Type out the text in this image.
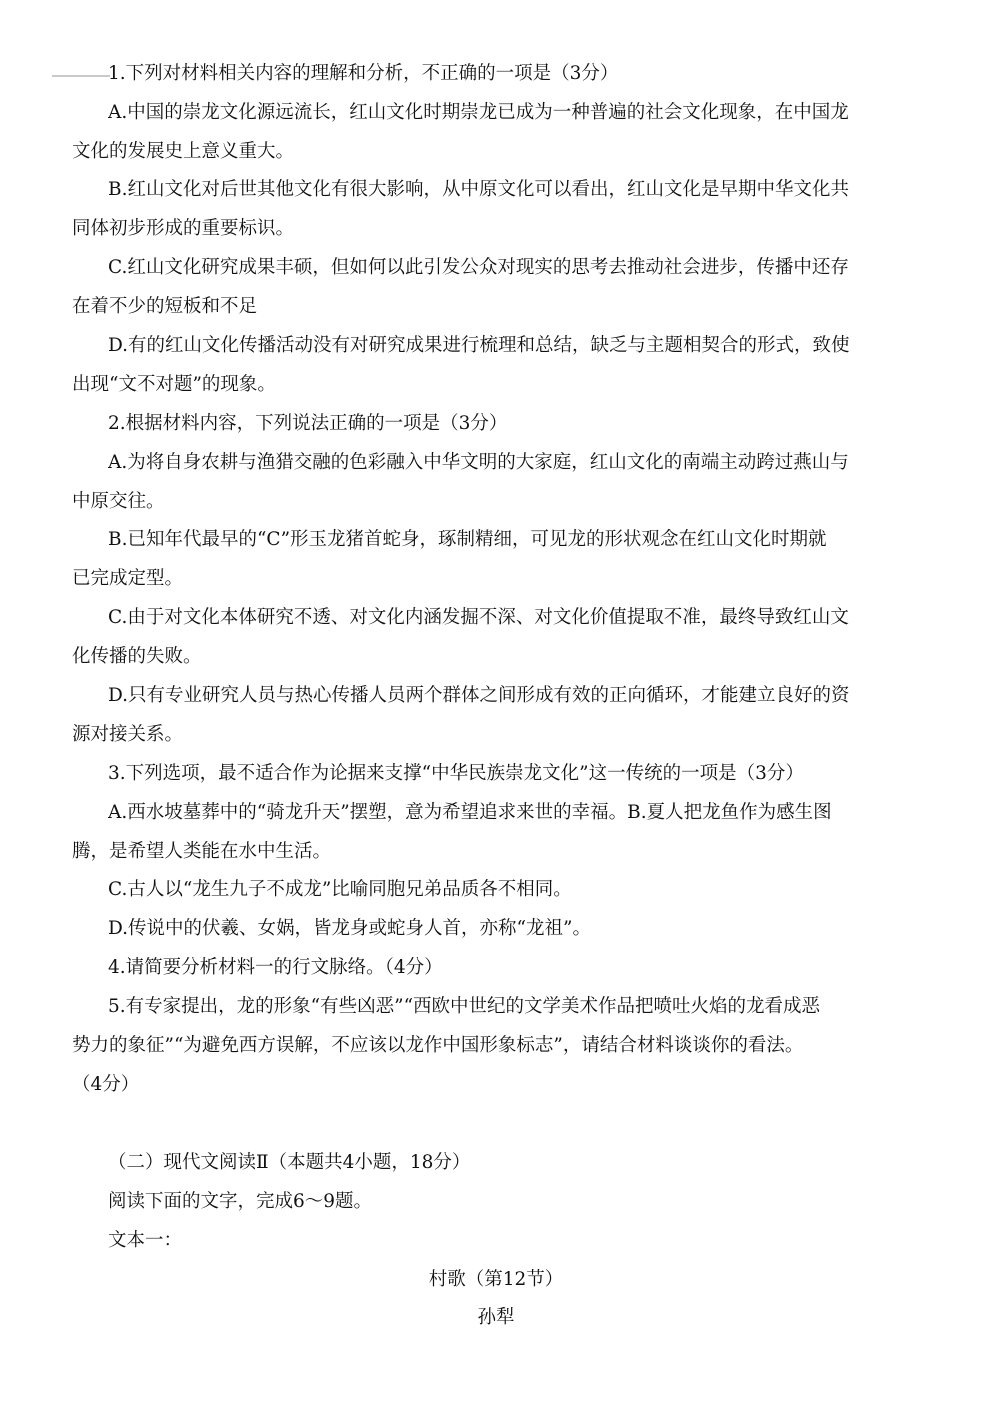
1.下列对材料相关内容的理解和分析，不正确的一项是（3分）
A.中国的崇龙文化源远流长，红山文化时期崇龙已成为一种普遍的社会文化现象，在中国龙
文化的发展史上意义重大。
B.红山文化对后世其他文化有很大影响，从中原文化可以看出，红山文化是早期中华文化共
同体初步形成的重要标识。
C.红山文化研究成果丰硕，但如何以此引发公众对现实的思考去推动社会进步，传播中还存
在着不少的短板和不足
D.有的红山文化传播活动没有对研究成果进行梳理和总结，缺乏与主题相契合的形式，致使
出现“文不对题”的现象。
2.根据材料内容，下列说法正确的一项是（3分）
A.为将自身农耕与渔猎交融的色彩融入中华文明的大家庭，红山文化的南端主动跨过燕山与
中原交往。
B.已知年代最早的“C”形玉龙猪首蛇身，琢制精细，可见龙的形状观念在红山文化时期就
已完成定型。
C.由于对文化本体研究不透、对文化内涵发掘不深、对文化价值提取不准，最终导致红山文
化传播的失败。
D.只有专业研究人员与热心传播人员两个群体之间形成有效的正向循环，才能建立良好的资
源对接关系。
3.下列选项，最不适合作为论据来支撑“中华民族崇龙文化”这一传统的一项是（3分）
A.西水坡墓葬中的“骑龙升天”摆塑，意为希望追求来世的幸福。B.夏人把龙鱼作为感生图
腾，是希望人类能在水中生活。
C.古人以“龙生九子不成龙”比喻同胞兄弟品质各不相同。
D.传说中的伏羲、女娲，皆龙身或蛇身人首，亦称“龙祖”。
4.请简要分析材料一的行文脉络。（4分）
5.有专家提出，龙的形象“有些凶恶”“西欧中世纪的文学美术作品把喷吐火焰的龙看成恶
势力的象征”“为避免西方误解，不应该以龙作中国形象标志”，请结合材料谈谈你的看法。
（4分）
（二）现代文阅读Ⅱ（本题共4小题，18分）
阅读下面的文字，完成6～9题。
文本一：
村歌（第12节）
孙犁
